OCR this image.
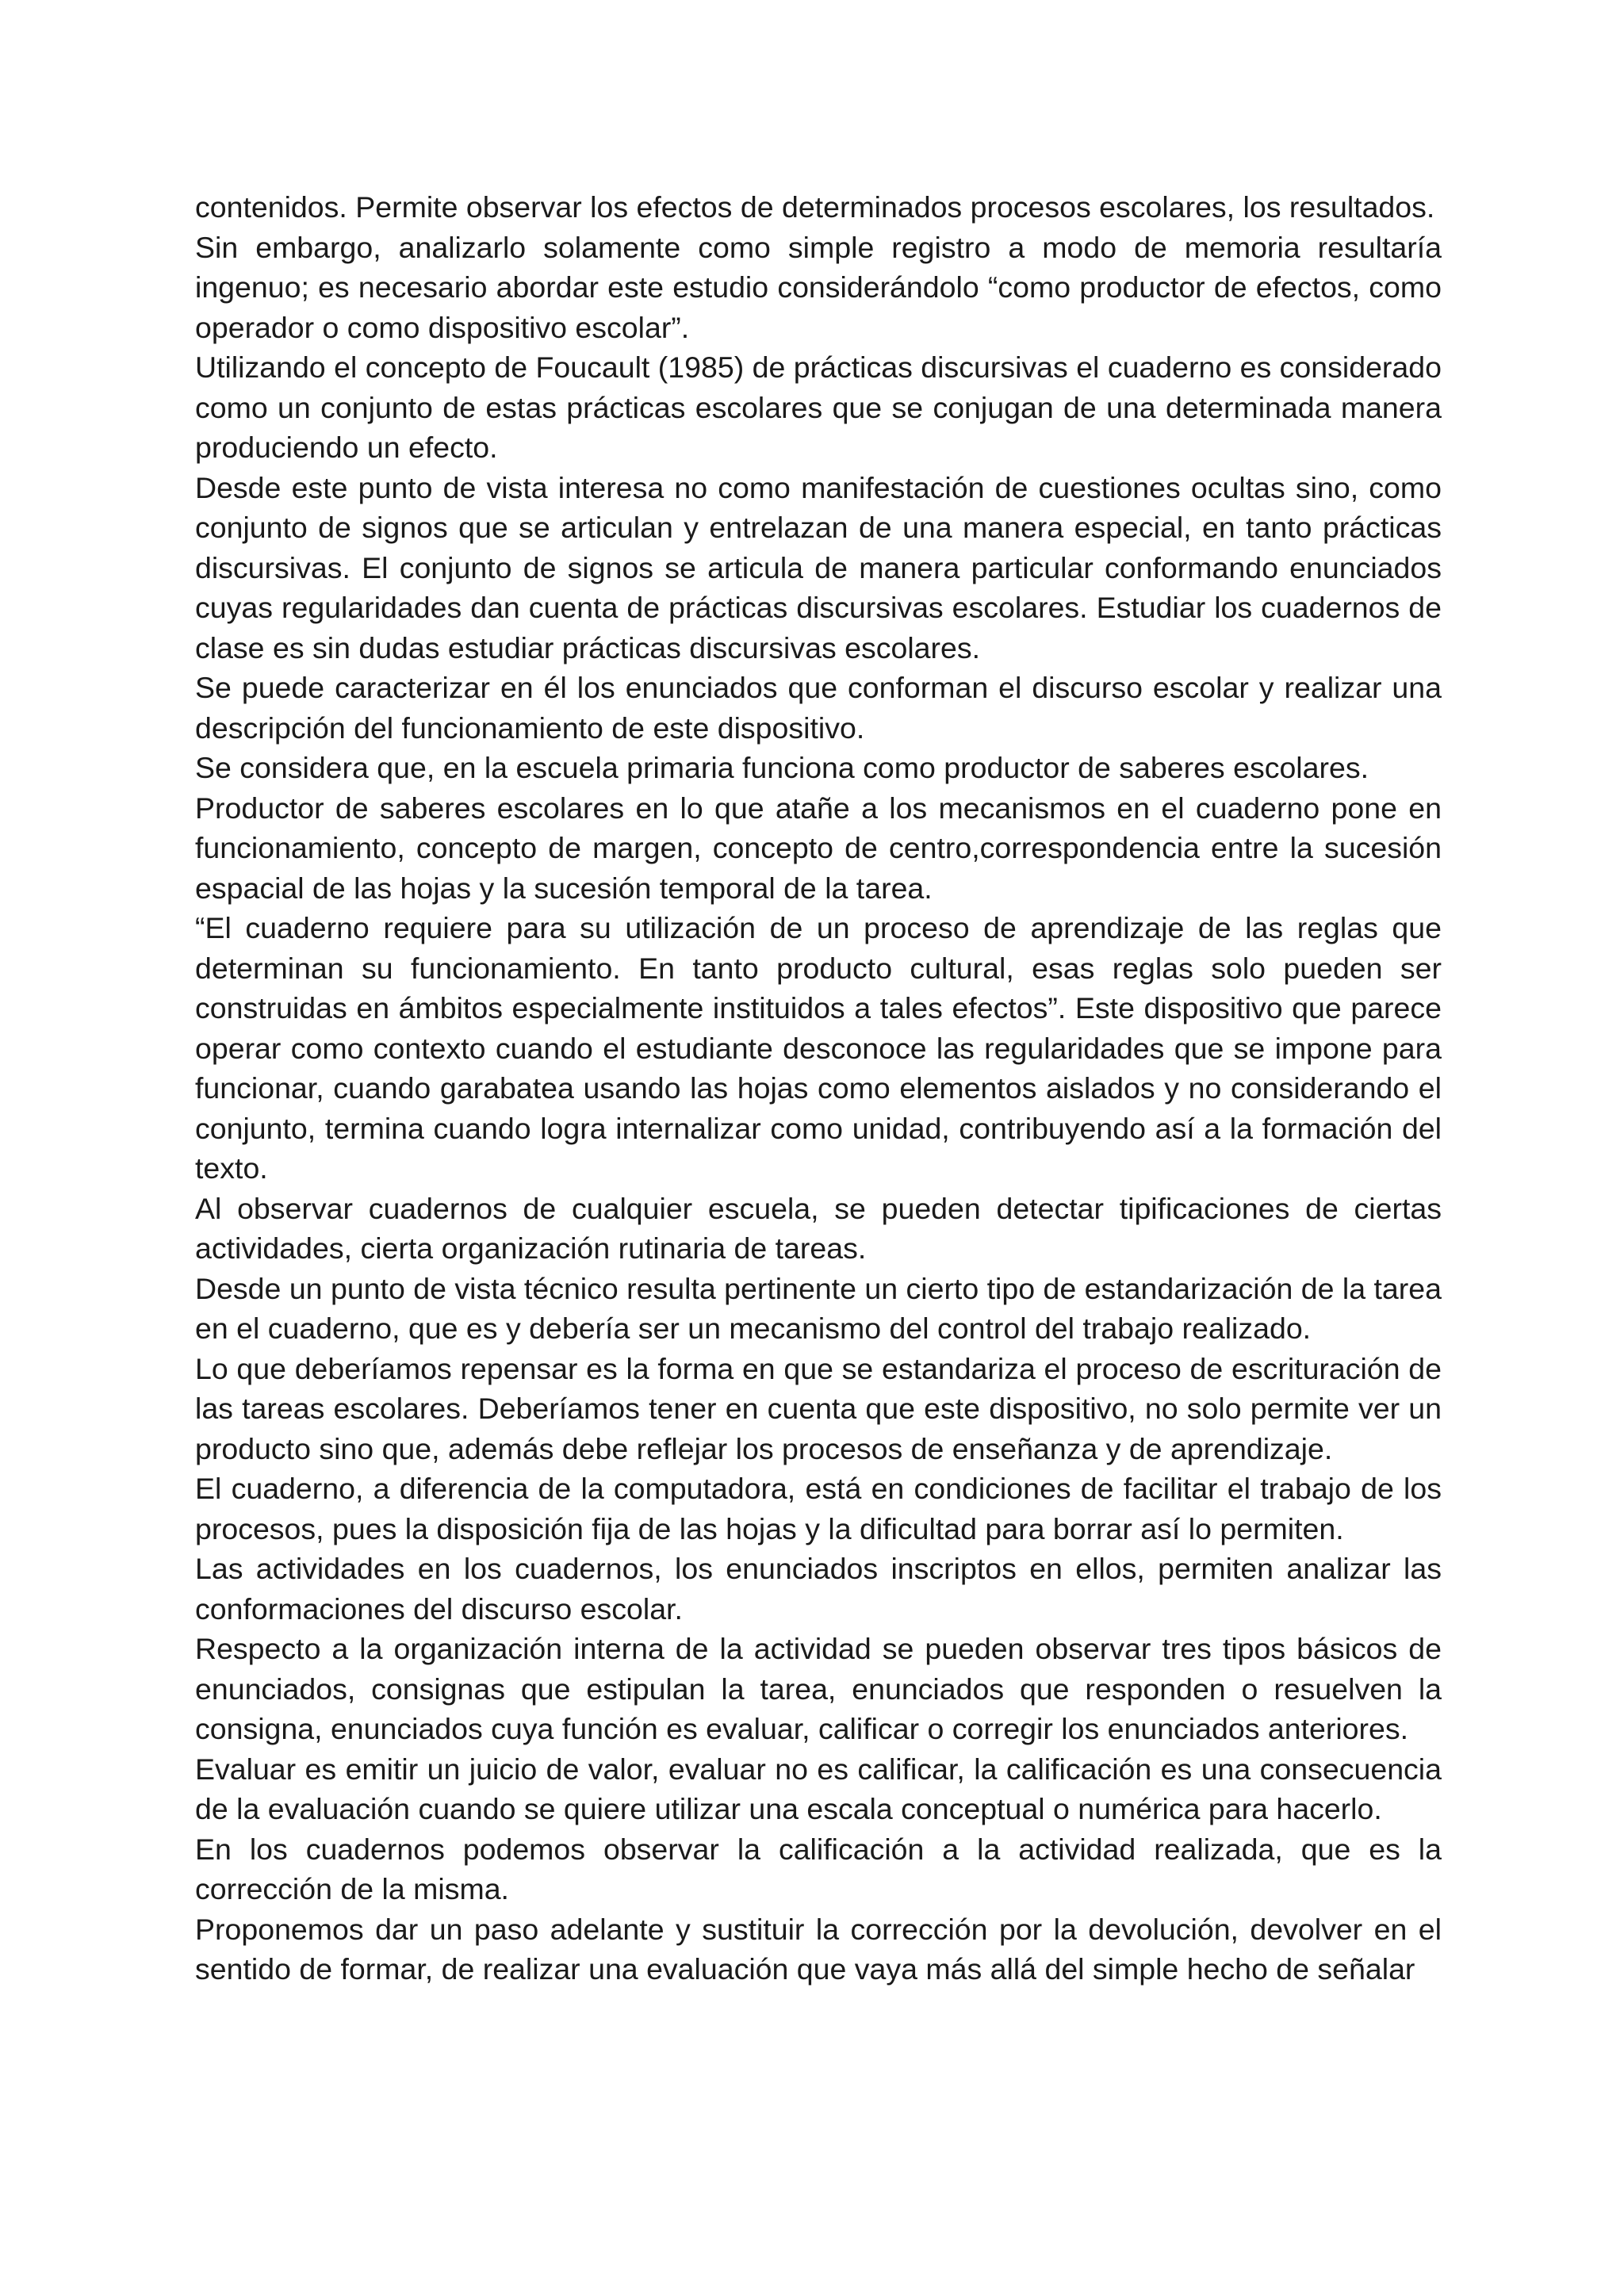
contenidos. Permite observar los efectos de determinados procesos escolares, los resultados.

Sin embargo, analizarlo solamente como simple registro a modo de memoria resultaría ingenuo; es necesario abordar este estudio considerándolo “como productor de efectos, como operador o como dispositivo escolar”.

Utilizando el concepto de Foucault (1985) de prácticas discursivas el cuaderno es considerado como un conjunto de estas prácticas escolares que se conjugan de una determinada manera produciendo un efecto.

Desde este punto de vista interesa no como manifestación de cuestiones ocultas sino, como conjunto de signos que se articulan y entrelazan de una manera especial, en tanto prácticas discursivas. El conjunto de signos se articula de manera particular conformando enunciados cuyas regularidades dan cuenta de prácticas discursivas escolares. Estudiar los cuadernos de clase es sin dudas estudiar prácticas discursivas escolares.

Se puede caracterizar en él los enunciados que conforman el discurso escolar y realizar una descripción del funcionamiento de este dispositivo.

Se considera que, en la escuela primaria funciona como productor de saberes escolares.

Productor de saberes escolares en lo que atañe a los mecanismos en el cuaderno pone en funcionamiento, concepto de margen, concepto de centro,correspondencia entre la sucesión espacial de las hojas y la sucesión temporal de la tarea.

“El cuaderno requiere para su utilización de un proceso de aprendizaje de las reglas que determinan su funcionamiento. En tanto producto cultural, esas reglas solo pueden ser construidas en ámbitos especialmente instituidos a tales efectos”. Este dispositivo que parece operar como contexto cuando el estudiante desconoce las regularidades que se impone para funcionar, cuando garabatea usando las hojas como elementos aislados y no considerando el conjunto, termina cuando logra internalizar como unidad, contribuyendo así a la formación del texto.

Al observar cuadernos de cualquier escuela, se pueden detectar tipificaciones de ciertas actividades, cierta organización rutinaria de tareas.

Desde un punto de vista técnico resulta pertinente un cierto tipo de estandarización de la tarea en el cuaderno, que es y debería ser un mecanismo del control del trabajo realizado.

Lo que deberíamos repensar es la forma en que se estandariza el proceso de escrituración de las tareas escolares. Deberíamos tener en cuenta que este dispositivo, no solo permite ver un producto sino que, además debe reflejar los procesos de enseñanza y de aprendizaje.

El cuaderno, a diferencia de la computadora, está en condiciones de facilitar el trabajo de los procesos, pues la disposición fija de las hojas y la dificultad para borrar así lo permiten.

Las actividades en los cuadernos, los enunciados inscriptos en ellos, permiten analizar las conformaciones del discurso escolar.

Respecto a la organización interna de la actividad se pueden observar tres tipos básicos de enunciados, consignas que estipulan la tarea, enunciados que responden o resuelven la consigna, enunciados cuya función es evaluar, calificar o corregir los enunciados anteriores.

Evaluar es emitir un juicio de valor, evaluar no es calificar, la calificación es una consecuencia de la evaluación cuando se quiere utilizar una escala conceptual o numérica para hacerlo.

En los cuadernos podemos observar la calificación a la actividad realizada, que es la corrección de la misma.

Proponemos dar un paso adelante y sustituir la corrección por la devolución, devolver en el sentido de formar, de realizar una evaluación que vaya más allá del simple hecho de señalar
